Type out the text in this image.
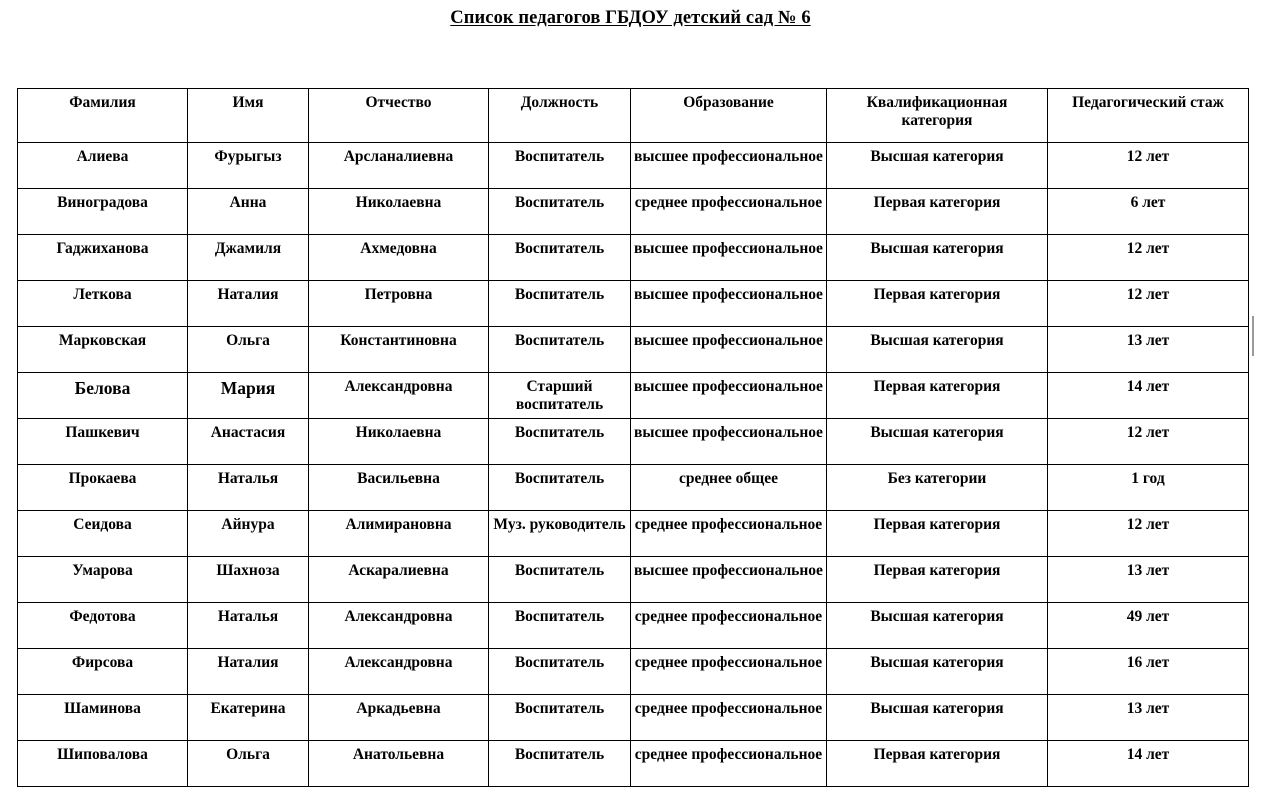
Список педагогов ГБДОУ детский сад № 6
Фамилия	Имя	Отчество	Должность	Образование	Квалификационная категория	Педагогический стаж
Алиева	Фурыгыз	Арсланалиевна	Воспитатель	высшее профессиональное	Высшая категория	12 лет
Виноградова	Анна	Николаевна	Воспитатель	среднее профессиональное	Первая категория	6 лет
Гаджиханова	Джамиля	Ахмедовна	Воспитатель	высшее профессиональное	Высшая категория	12 лет
Леткова	Наталия	Петровна	Воспитатель	высшее профессиональное	Первая категория	12 лет
Марковская	Ольга	Константиновна	Воспитатель	высшее профессиональное	Высшая категория	13 лет
Белова	Мария	Александровна	Старший воспитатель	высшее профессиональное	Первая категория	14 лет
Пашкевич	Анастасия	Николаевна	Воспитатель	высшее профессиональное	Высшая категория	12 лет
Прокаева	Наталья	Васильевна	Воспитатель	среднее общее	Без категории	1 год
Сеидова	Айнура	Алимирановна	Муз. руководитель	среднее профессиональное	Первая категория	12 лет
Умарова	Шахноза	Аскаралиевна	Воспитатель	высшее профессиональное	Первая категория	13 лет
Федотова	Наталья	Александровна	Воспитатель	среднее профессиональное	Высшая категория	49 лет
Фирсова	Наталия	Александровна	Воспитатель	среднее профессиональное	Высшая категория	16 лет
Шаминова	Екатерина	Аркадьевна	Воспитатель	среднее профессиональное	Высшая категория	13 лет
Шиповалова	Ольга	Анатольевна	Воспитатель	среднее профессиональное	Первая категория	14 лет
